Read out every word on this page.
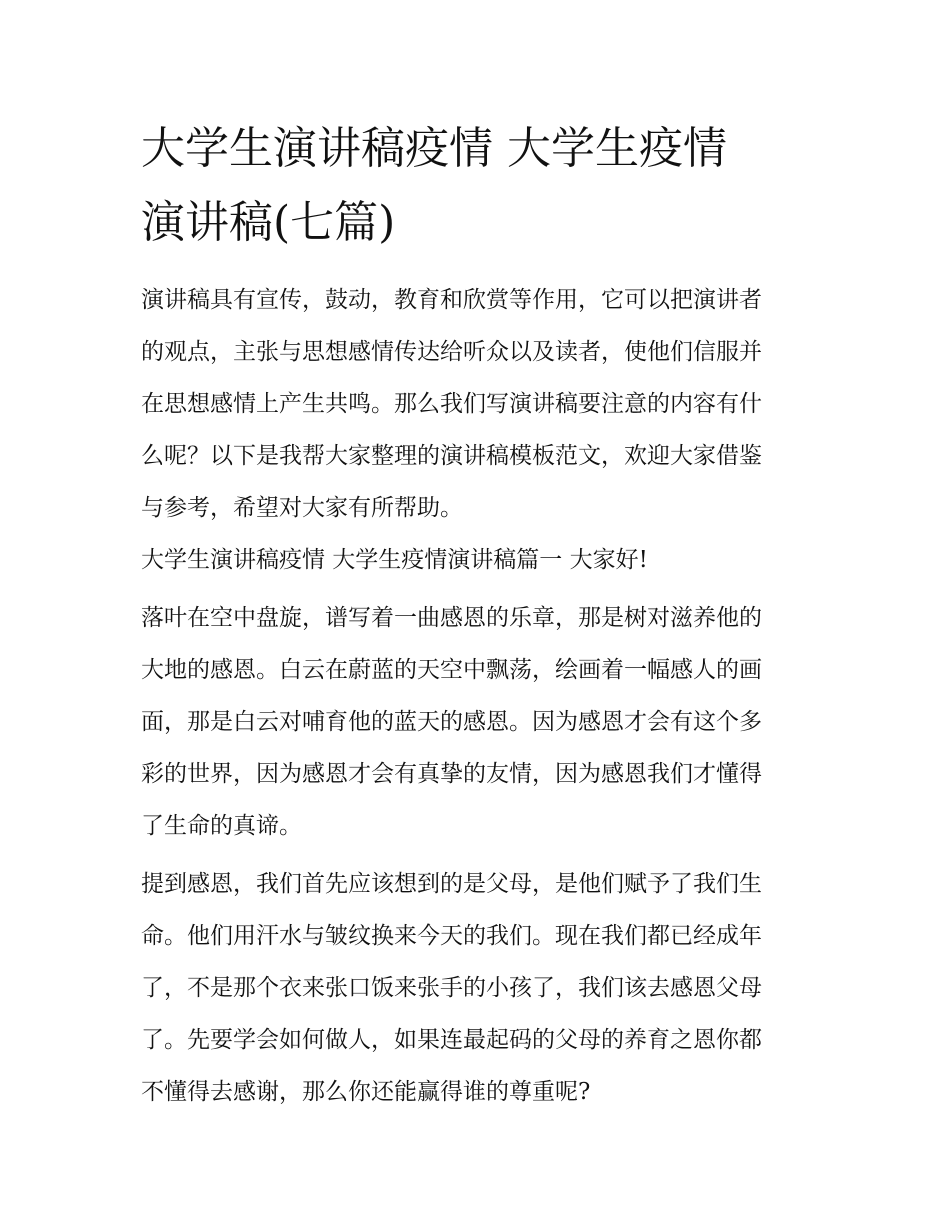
大学生演讲稿疫情 大学生疫情
演讲稿(七篇)

演讲稿具有宣传，鼓动，教育和欣赏等作用，它可以把演讲者
的观点，主张与思想感情传达给听众以及读者，使他们信服并
在思想感情上产生共鸣。那么我们写演讲稿要注意的内容有什
么呢？以下是我帮大家整理的演讲稿模板范文，欢迎大家借鉴
与参考，希望对大家有所帮助。

大学生演讲稿疫情 大学生疫情演讲稿篇一 大家好!

落叶在空中盘旋，谱写着一曲感恩的乐章，那是树对滋养他的
大地的感恩。白云在蔚蓝的天空中飘荡，绘画着一幅感人的画
面，那是白云对哺育他的蓝天的感恩。因为感恩才会有这个多
彩的世界，因为感恩才会有真挚的友情，因为感恩我们才懂得
了生命的真谛。

提到感恩，我们首先应该想到的是父母，是他们赋予了我们生
命。他们用汗水与皱纹换来今天的我们。现在我们都已经成年
了，不是那个衣来张口饭来张手的小孩了，我们该去感恩父母
了。先要学会如何做人，如果连最起码的父母的养育之恩你都
不懂得去感谢，那么你还能赢得谁的尊重呢?
